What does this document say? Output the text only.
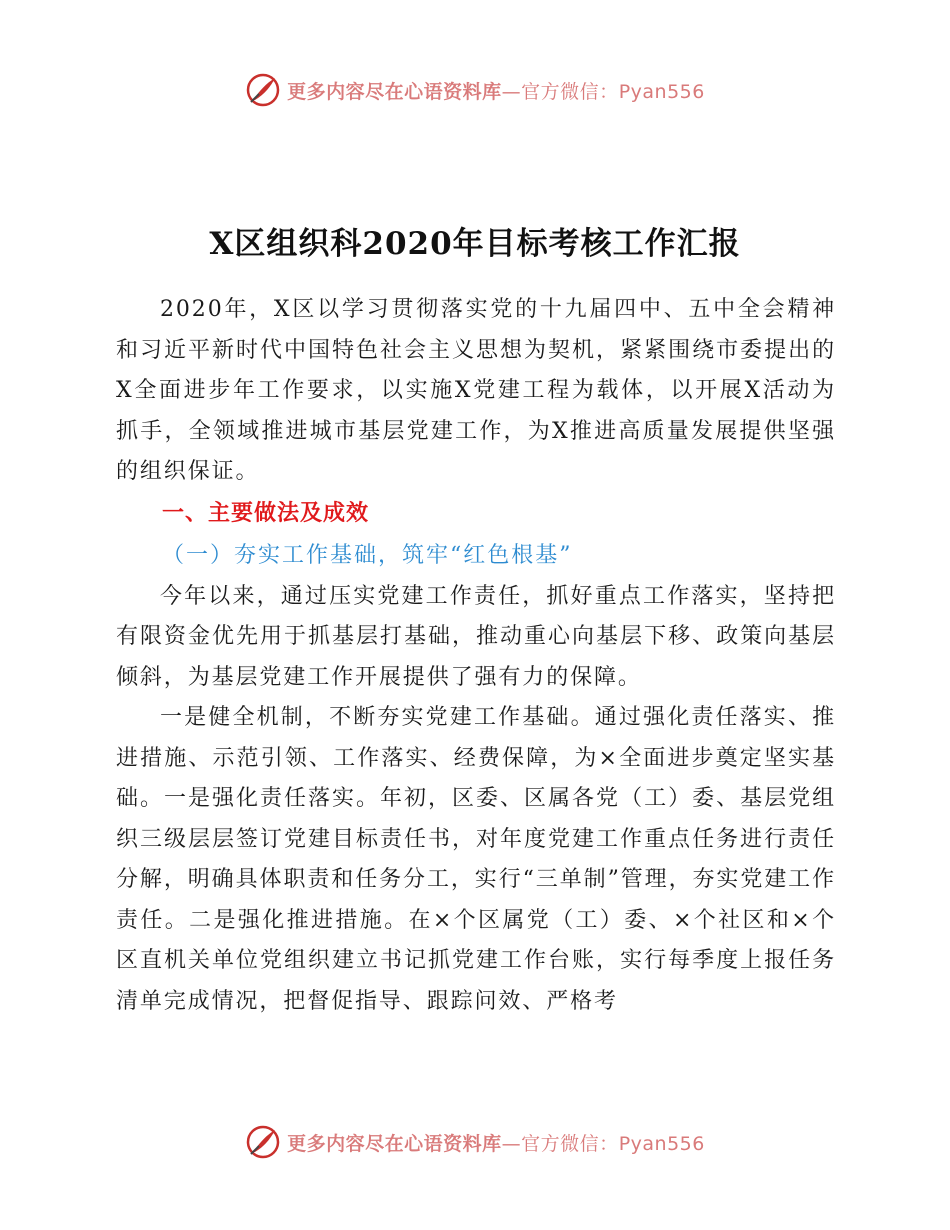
更多内容尽在心语资料库—官方微信：Pyan556
X区组织科2020年目标考核工作汇报

2020年，X区以学习贯彻落实党的十九届四中、五中全会精神和习近平新时代中国特色社会主义思想为契机，紧紧围绕市委提出的X全面进步年工作要求，以实施X党建工程为载体，以开展X活动为抓手，全领域推进城市基层党建工作，为X推进高质量发展提供坚强的组织保证。

一、主要做法及成效

（一）夯实工作基础，筑牢“红色根基”

今年以来，通过压实党建工作责任，抓好重点工作落实，坚持把有限资金优先用于抓基层打基础，推动重心向基层下移、政策向基层倾斜，为基层党建工作开展提供了强有力的保障。

一是健全机制，不断夯实党建工作基础。通过强化责任落实、推进措施、示范引领、工作落实、经费保障，为×全面进步奠定坚实基础。一是强化责任落实。年初，区委、区属各党（工）委、基层党组织三级层层签订党建目标责任书，对年度党建工作重点任务进行责任分解，明确具体职责和任务分工，实行“三单制”管理，夯实党建工作责任。二是强化推进措施。在×个区属党（工）委、×个社区和×个区直机关单位党组织建立书记抓党建工作台账，实行每季度上报任务清单完成情况，把督促指导、跟踪问效、严格考

更多内容尽在心语资料库—官方微信：Pyan556
